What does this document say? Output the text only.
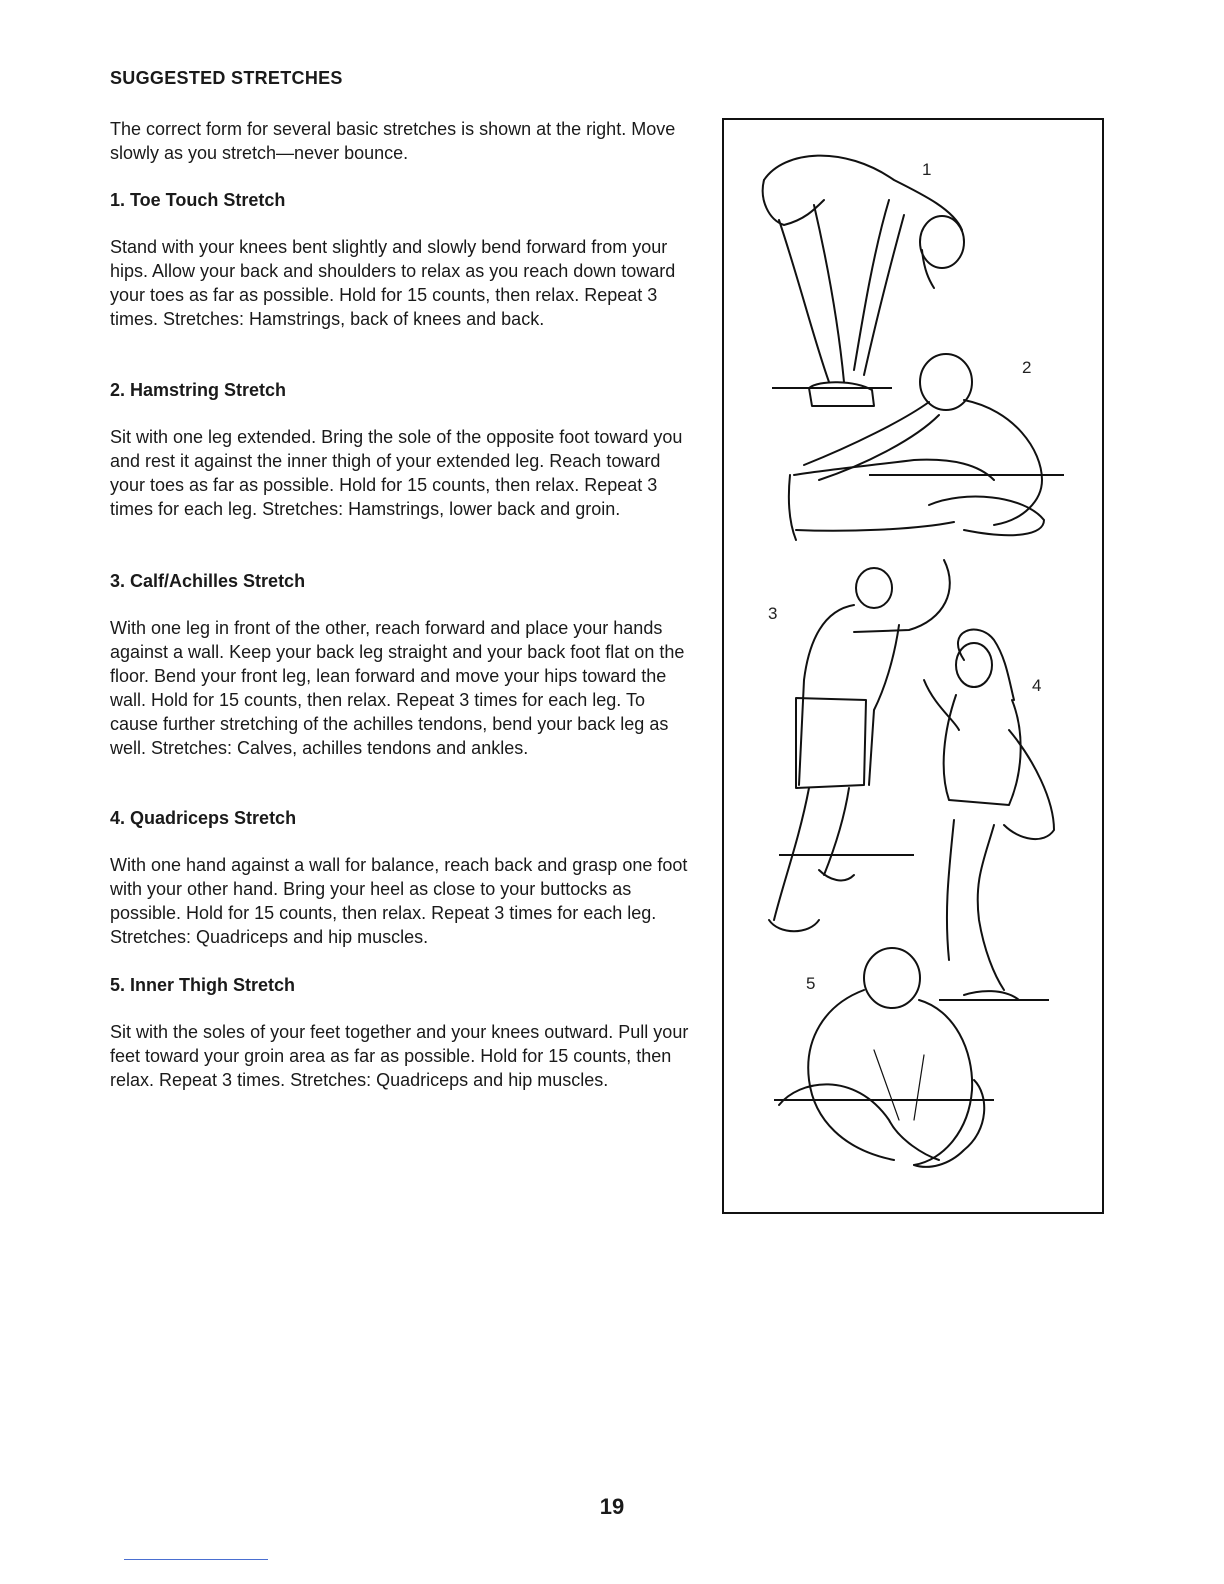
SUGGESTED STRETCHES
The correct form for several basic stretches is shown at the right. Move slowly as you stretch—never bounce.
1. Toe Touch Stretch

Stand with your knees bent slightly and slowly bend forward from your hips. Allow your back and shoulders to relax as you reach down toward your toes as far as possible. Hold for 15 counts, then relax. Repeat 3 times. Stretches: Hamstrings, back of knees and back.

2. Hamstring Stretch

Sit with one leg extended. Bring the sole of the opposite foot toward you and rest it against the inner thigh of your extended leg. Reach toward your toes as far as possible. Hold for 15 counts, then relax. Repeat 3 times for each leg. Stretches: Hamstrings, lower back and groin.

3. Calf/Achilles Stretch

With one leg in front of the other, reach forward and place your hands against a wall. Keep your back leg straight and your back foot flat on the floor. Bend your front leg, lean forward and move your hips toward the wall. Hold for 15 counts, then relax. Repeat 3 times for each leg. To cause further stretching of the achilles tendons, bend your back leg as well. Stretches: Calves, achilles tendons and ankles.

4. Quadriceps Stretch

With one hand against a wall for balance, reach back and grasp one foot with your other hand. Bring your heel as close to your buttocks as possible. Hold for 15 counts, then relax. Repeat 3 times for each leg. Stretches: Quadriceps and hip muscles.

5. Inner Thigh Stretch

Sit with the soles of your feet together and your knees outward. Pull your feet toward your groin area as far as possible. Hold for 15 counts, then relax. Repeat 3 times. Stretches: Quadriceps and hip muscles.

1
2
3
4
5
19
